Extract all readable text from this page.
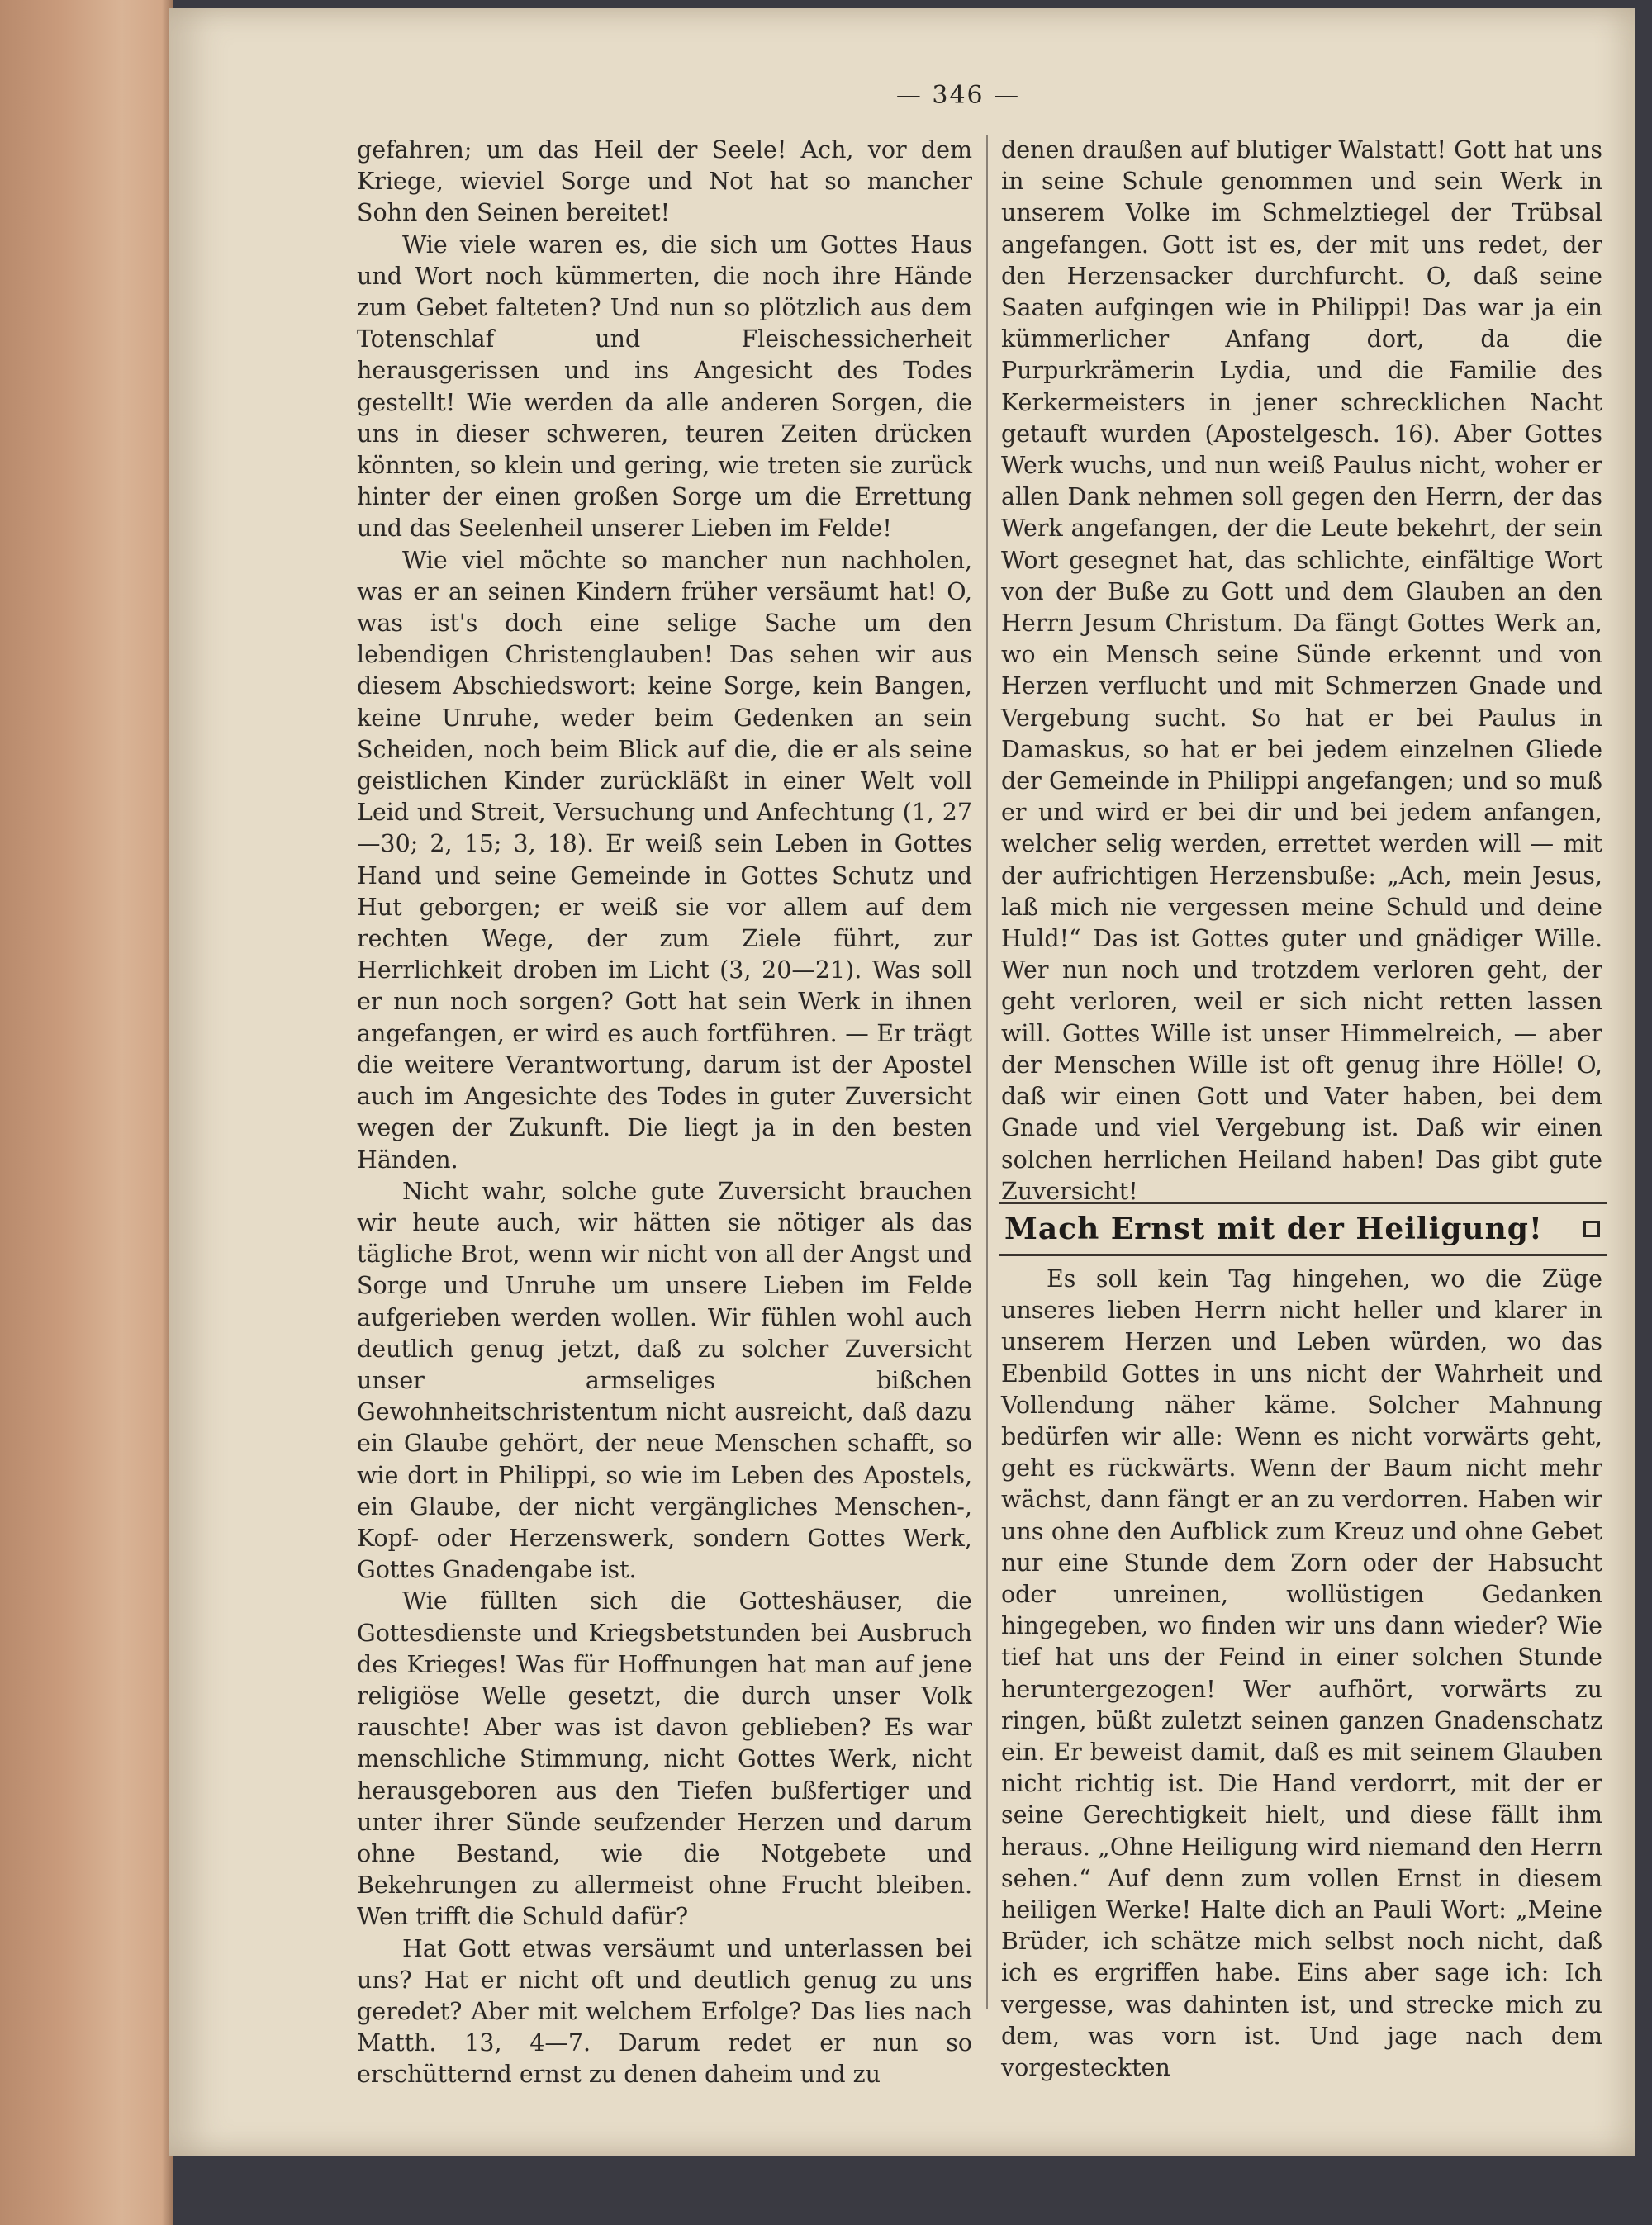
— 346 —

gefahren; um das Heil der Seele! Ach, vor dem Kriege, wieviel Sorge und Not hat so mancher Sohn den Seinen bereitet!

Wie viele waren es, die sich um Gottes Haus und Wort noch kümmerten, die noch ihre Hände zum Gebet falteten? Und nun so plötzlich aus dem Totenschlaf und Fleischessicherheit herausgerissen und ins Angesicht des Todes gestellt! Wie werden da alle anderen Sorgen, die uns in dieser schweren, teuren Zeiten drücken könnten, so klein und gering, wie treten sie zurück hinter der einen großen Sorge um die Errettung und das Seelenheil unserer Lieben im Felde!

Wie viel möchte so mancher nun nachholen, was er an seinen Kindern früher versäumt hat! O, was ist's doch eine selige Sache um den lebendigen Christenglauben! Das sehen wir aus diesem Abschiedswort: keine Sorge, kein Bangen, keine Unruhe, weder beim Gedenken an sein Scheiden, noch beim Blick auf die, die er als seine geistlichen Kinder zurückläßt in einer Welt voll Leid und Streit, Versuchung und Anfechtung (1, 27—30; 2, 15; 3, 18). Er weiß sein Leben in Gottes Hand und seine Gemeinde in Gottes Schutz und Hut geborgen; er weiß sie vor allem auf dem rechten Wege, der zum Ziele führt, zur Herrlichkeit droben im Licht (3, 20—21). Was soll er nun noch sorgen? Gott hat sein Werk in ihnen angefangen, er wird es auch fortführen. — Er trägt die weitere Verantwortung, darum ist der Apostel auch im Angesichte des Todes in guter Zuversicht wegen der Zukunft. Die liegt ja in den besten Händen.

Nicht wahr, solche gute Zuversicht brauchen wir heute auch, wir hätten sie nötiger als das tägliche Brot, wenn wir nicht von all der Angst und Sorge und Unruhe um unsere Lieben im Felde aufgerieben werden wollen. Wir fühlen wohl auch deutlich genug jetzt, daß zu solcher Zuversicht unser armseliges bißchen Gewohnheitschristentum nicht ausreicht, daß dazu ein Glaube gehört, der neue Menschen schafft, so wie dort in Philippi, so wie im Leben des Apostels, ein Glaube, der nicht vergängliches Menschen-, Kopf- oder Herzenswerk, sondern Gottes Werk, Gottes Gnadengabe ist.

Wie füllten sich die Gotteshäuser, die Gottesdienste und Kriegsbetstunden bei Ausbruch des Krieges! Was für Hoffnungen hat man auf jene religiöse Welle gesetzt, die durch unser Volk rauschte! Aber was ist davon geblieben? Es war menschliche Stimmung, nicht Gottes Werk, nicht herausgeboren aus den Tiefen bußfertiger und unter ihrer Sünde seufzender Herzen und darum ohne Bestand, wie die Notgebete und Bekehrungen zu allermeist ohne Frucht bleiben. Wen trifft die Schuld dafür?

Hat Gott etwas versäumt und unterlassen bei uns? Hat er nicht oft und deutlich genug zu uns geredet? Aber mit welchem Erfolge? Das lies nach Matth. 13, 4—7. Darum redet er nun so erschütternd ernst zu denen daheim und zu

denen draußen auf blutiger Walstatt! Gott hat uns in seine Schule genommen und sein Werk in unserem Volke im Schmelztiegel der Trübsal angefangen. Gott ist es, der mit uns redet, der den Herzensacker durchfurcht. O, daß seine Saaten aufgingen wie in Philippi! Das war ja ein kümmerlicher Anfang dort, da die Purpurkrämerin Lydia, und die Familie des Kerkermeisters in jener schrecklichen Nacht getauft wurden (Apostelgesch. 16). Aber Gottes Werk wuchs, und nun weiß Paulus nicht, woher er allen Dank nehmen soll gegen den Herrn, der das Werk angefangen, der die Leute bekehrt, der sein Wort gesegnet hat, das schlichte, einfältige Wort von der Buße zu Gott und dem Glauben an den Herrn Jesum Christum. Da fängt Gottes Werk an, wo ein Mensch seine Sünde erkennt und von Herzen verflucht und mit Schmerzen Gnade und Vergebung sucht. So hat er bei Paulus in Damaskus, so hat er bei jedem einzelnen Gliede der Gemeinde in Philippi angefangen; und so muß er und wird er bei dir und bei jedem anfangen, welcher selig werden, errettet werden will — mit der aufrichtigen Herzensbuße: „Ach, mein Jesus, laß mich nie vergessen meine Schuld und deine Huld!“ Das ist Gottes guter und gnädiger Wille. Wer nun noch und trotzdem verloren geht, der geht verloren, weil er sich nicht retten lassen will. Gottes Wille ist unser Himmelreich, — aber der Menschen Wille ist oft genug ihre Hölle! O, daß wir einen Gott und Vater haben, bei dem Gnade und viel Vergebung ist. Daß wir einen solchen herrlichen Heiland haben! Das gibt gute Zuversicht!

Mach Ernst mit der Heiligung!

Es soll kein Tag hingehen, wo die Züge unseres lieben Herrn nicht heller und klarer in unserem Herzen und Leben würden, wo das Ebenbild Gottes in uns nicht der Wahrheit und Vollendung näher käme. Solcher Mahnung bedürfen wir alle: Wenn es nicht vorwärts geht, geht es rückwärts. Wenn der Baum nicht mehr wächst, dann fängt er an zu verdorren. Haben wir uns ohne den Aufblick zum Kreuz und ohne Gebet nur eine Stunde dem Zorn oder der Habsucht oder unreinen, wollüstigen Gedanken hingegeben, wo finden wir uns dann wieder? Wie tief hat uns der Feind in einer solchen Stunde heruntergezogen! Wer aufhört, vorwärts zu ringen, büßt zuletzt seinen ganzen Gnadenschatz ein. Er beweist damit, daß es mit seinem Glauben nicht richtig ist. Die Hand verdorrt, mit der er seine Gerechtigkeit hielt, und diese fällt ihm heraus. „Ohne Heiligung wird niemand den Herrn sehen.“ Auf denn zum vollen Ernst in diesem heiligen Werke! Halte dich an Pauli Wort: „Meine Brüder, ich schätze mich selbst noch nicht, daß ich es ergriffen habe. Eins aber sage ich: Ich vergesse, was dahinten ist, und strecke mich zu dem, was vorn ist. Und jage nach dem vorgesteckten
